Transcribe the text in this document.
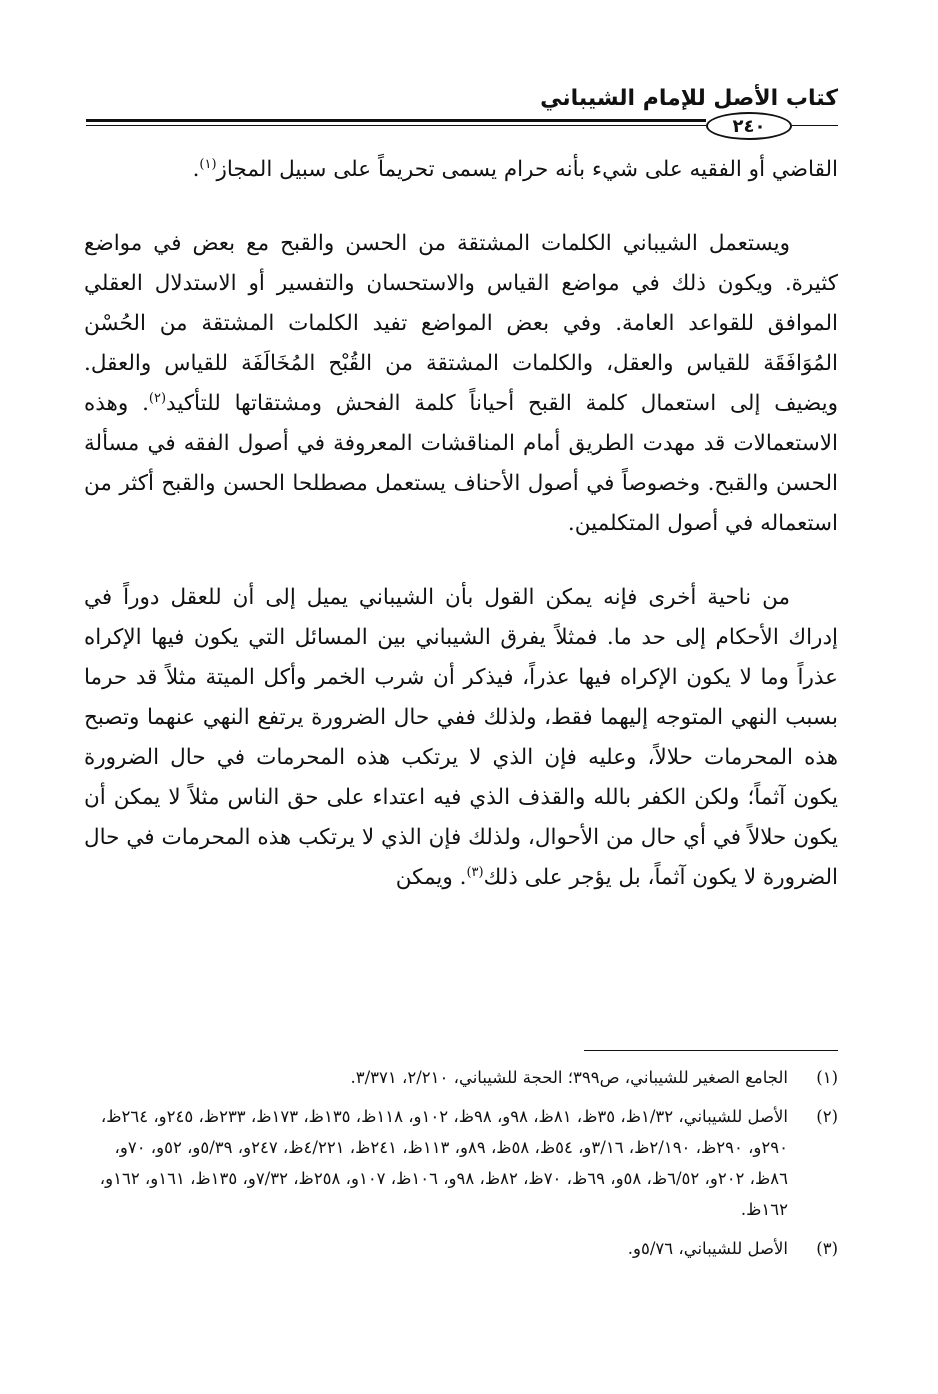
كتاب الأصل للإمام الشيباني
٢٤٠

القاضي أو الفقيه على شيء بأنه حرام يسمى تحريماً على سبيل المجاز$^{(١)}$.

ويستعمل الشيباني الكلمات المشتقة من الحسن والقبح مع بعض في مواضع كثيرة. ويكون ذلك في مواضع القياس والاستحسان والتفسير أو الاستدلال العقلي الموافق للقواعد العامة. وفي بعض المواضع تفيد الكلمات المشتقة من الحُسْن المُوَافَقَة للقياس والعقل، والكلمات المشتقة من القُبْح المُخَالَفَة للقياس والعقل. ويضيف إلى استعمال كلمة القبح أحياناً كلمة الفحش ومشتقاتها للتأكيد$^{(٢)}$. وهذه الاستعمالات قد مهدت الطريق أمام المناقشات المعروفة في أصول الفقه في مسألة الحسن والقبح. وخصوصاً في أصول الأحناف يستعمل مصطلحا الحسن والقبح أكثر من استعماله في أصول المتكلمين.

من ناحية أخرى فإنه يمكن القول بأن الشيباني يميل إلى أن للعقل دوراً في إدراك الأحكام إلى حد ما. فمثلاً يفرق الشيباني بين المسائل التي يكون فيها الإكراه عذراً وما لا يكون الإكراه فيها عذراً، فيذكر أن شرب الخمر وأكل الميتة مثلاً قد حرما بسبب النهي المتوجه إليهما فقط، ولذلك ففي حال الضرورة يرتفع النهي عنهما وتصبح هذه المحرمات حلالاً، وعليه فإن الذي لا يرتكب هذه المحرمات في حال الضرورة يكون آثماً؛ ولكن الكفر بالله والقذف الذي فيه اعتداء على حق الناس مثلاً لا يمكن أن يكون حلالاً في أي حال من الأحوال، ولذلك فإن الذي لا يرتكب هذه المحرمات في حال الضرورة لا يكون آثماً، بل يؤجر على ذلك$^{(٣)}$. ويمكن

(١)
الجامع الصغير للشيباني، ص٣٩٩؛ الحجة للشيباني، ٢/٢١٠، ٣/٣٧١.
(٢)
الأصل للشيباني، ١/٣٢ظ، ٣٥ظ، ٨١ظ، ٩٨و، ٩٨ظ، ١٠٢و، ١١٨ظ، ١٣٥ظ، ١٧٣ظ، ٢٣٣ظ، ٢٤٥و، ٢٦٤ظ، ٢٩٠و، ٢٩٠ظ، ٢/١٩٠ظ، ٣/١٦و، ٥٤ظ، ٥٨ظ، ٨٩و، ١١٣ظ، ٢٤١ظ، ٤/٢٢١ظ، ٢٤٧و، ٥/٣٩و، ٥٢و، ٧٠و، ٨٦ظ، ٢٠٢و، ٦/٥٢ظ، ٥٨و، ٦٩ظ، ٧٠ظ، ٨٢ظ، ٩٨و، ١٠٦ظ، ١٠٧و، ٢٥٨ظ، ٧/٣٢و، ١٣٥ظ، ١٦١و، ١٦٢و، ١٦٢ظ.
(٣)
الأصل للشيباني، ٥/٧٦و.
